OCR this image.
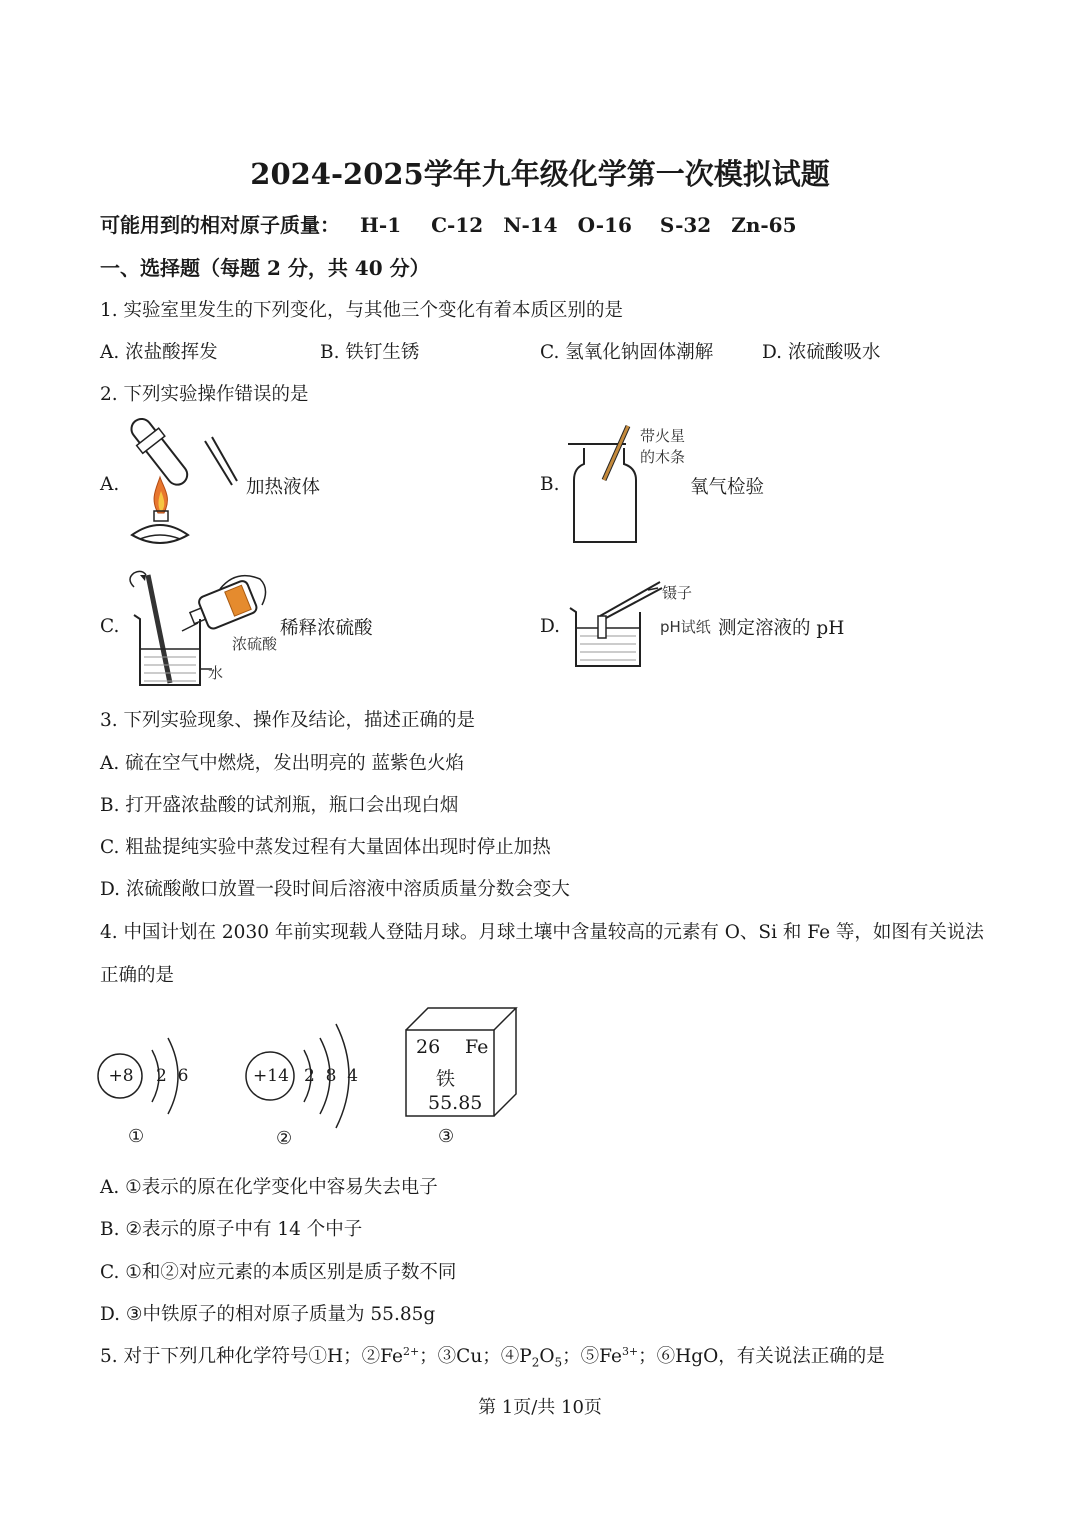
2024-2025学年九年级化学第一次模拟试题
可能用到的相对原子质量： H-1 C-12 N-14 O-16 S-32 Zn-65
一、选择题（每题 2 分，共 40 分）
1. 实验室里发生的下列变化，与其他三个变化有着本质区别的是
A. 浓盐酸挥发	B. 铁钉生锈	C. 氢氧化钠固体潮解	D. 浓硫酸吸水
2. 下列实验操作错误的是
A.	加热液体	B.
带火星
的木条
氧气检验
C.
浓硫酸
水
稀释浓硫酸	D.
镊子
pH试纸 测定溶液的 pH
3. 下列实验现象、操作及结论，描述正确的是
A. 硫在空气中燃烧，发出明亮的 蓝紫色火焰
B. 打开盛浓盐酸的试剂瓶，瓶口会出现白烟
C. 粗盐提纯实验中蒸发过程有大量固体出现时停止加热
D. 浓硫酸敞口放置一段时间后溶液中溶质质量分数会变大
4. 中国计划在 2030 年前实现载人登陆月球。月球土壤中含量较高的元素有 O、Si 和 Fe 等，如图有关说法
正确的是
+8 2  6
①
+14 2  8  4
②
26 Fe
铁
55.85
③
A. ①表示的原在化学变化中容易失去电子
B. ②表示的原子中有 14 个中子
C. ①和②对应元素的本质区别是质子数不同
D. ③中铁原子的相对原子质量为 55.85g
5. 对于下列几种化学符号①H；$②Fe^{2+}$；③Cu；$④P_2O_5$；$⑤Fe^{3+}$；⑥HgO，有关说法正确的是
第 1页/共 10页
